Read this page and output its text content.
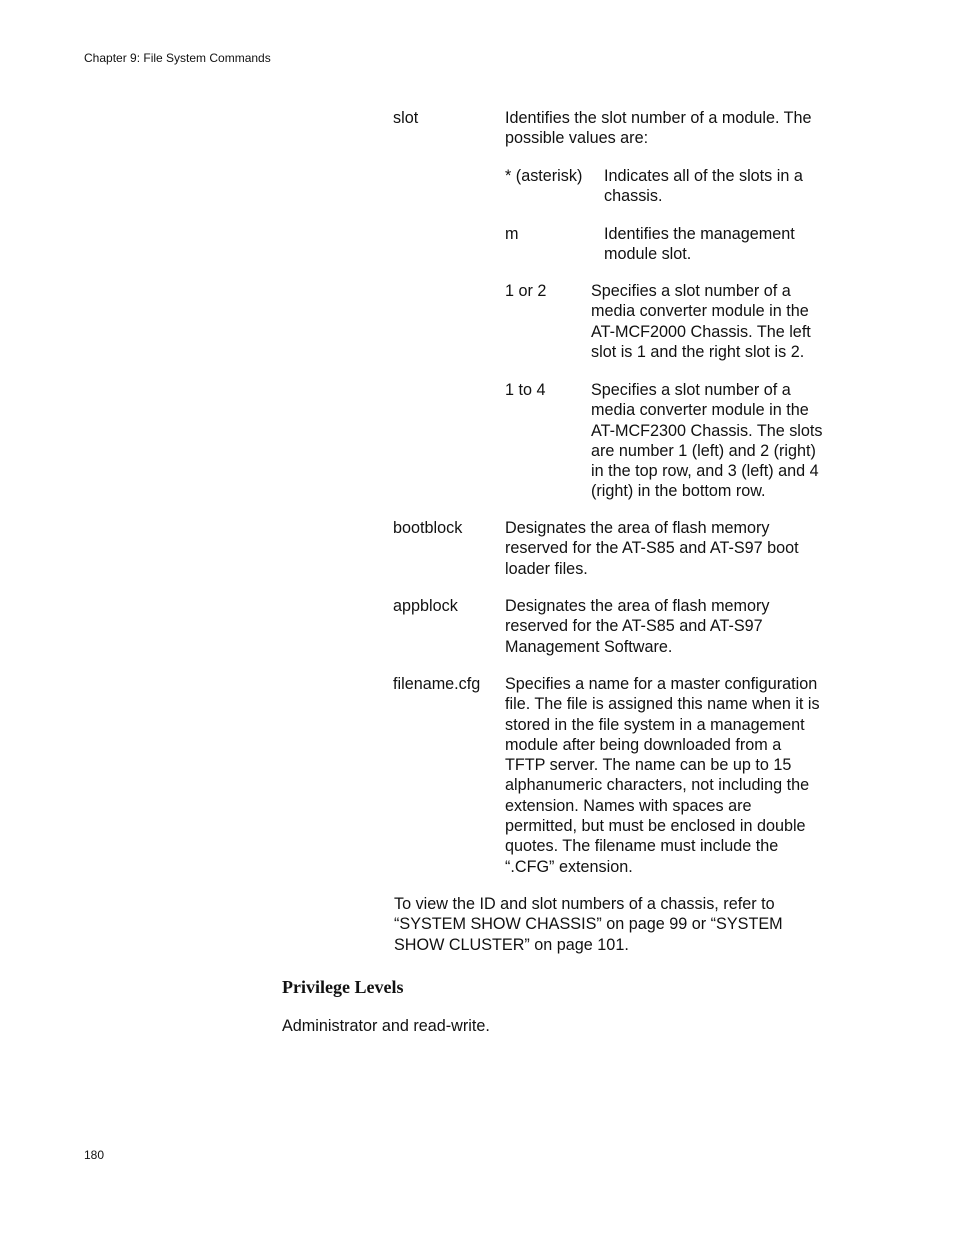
Chapter 9: File System Commands
slot	Identifies the slot number of a module. The
possible values are:
* (asterisk) Indicates all of the slots in a
chassis.
m	Identifies the management
module slot.
1 or 2	Specifies a slot number of a
media converter module in the
AT-MCF2000 Chassis. The left
slot is 1 and the right slot is 2.
1 to 4	Specifies a slot number of a
media converter module in the
AT-MCF2300 Chassis. The slots
are number 1 (left) and 2 (right)
in the top row, and 3 (left) and 4
(right) in the bottom row.
bootblock	Designates the area of flash memory
reserved for the AT-S85 and AT-S97 boot
loader files.
appblock	Designates the area of flash memory
reserved for the AT-S85 and AT-S97
Management Software.
filename.cfg Specifies a name for a master configuration
file. The file is assigned this name when it is
stored in the file system in a management
module after being downloaded from a
TFTP server. The name can be up to 15
alphanumeric characters, not including the
extension. Names with spaces are
permitted, but must be enclosed in double
quotes. The filename must include the
“.CFG” extension.
To view the ID and slot numbers of a chassis, refer to
“SYSTEM SHOW CHASSIS” on page 99 or “SYSTEM
SHOW CLUSTER” on page 101.
Privilege Levels
Administrator and read-write.
180
